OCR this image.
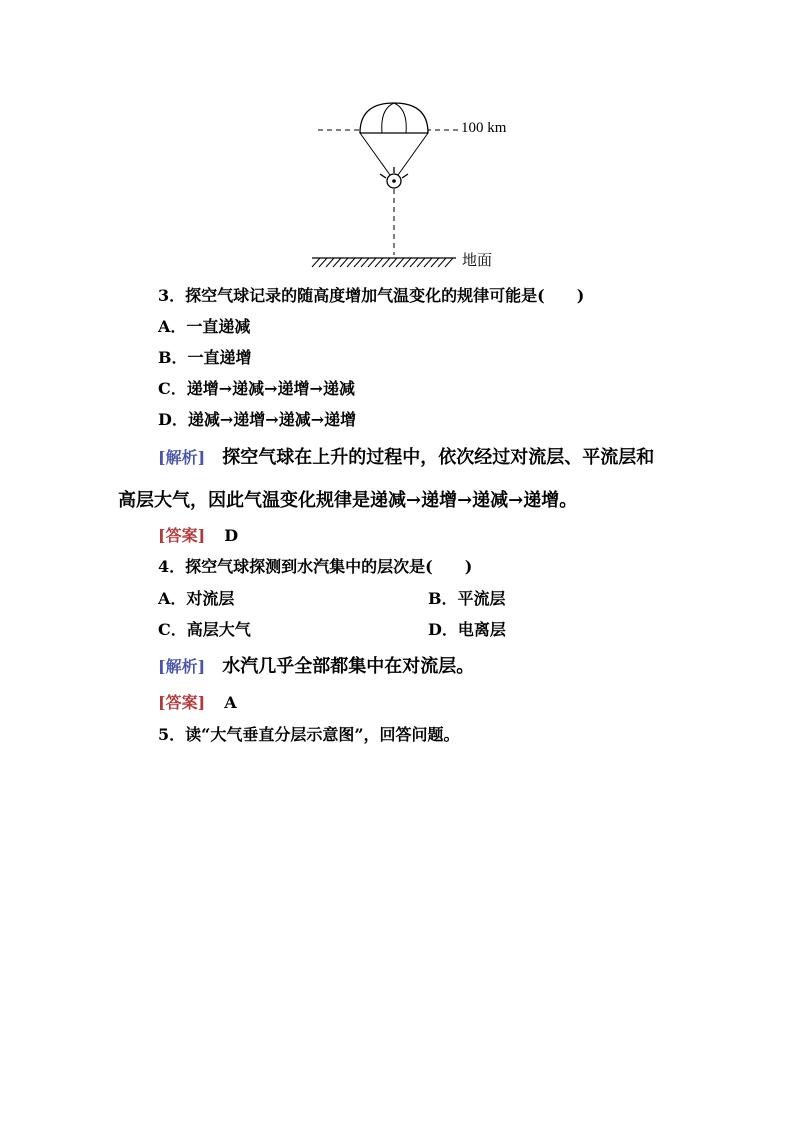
100 km
地面
3．探空气球记录的随高度增加气温变化的规律可能是(　　)
A．一直递减
B．一直递增
C．递增→递减→递增→递减
D．递减→递增→递减→递增
[解析] 探空气球在上升的过程中，依次经过对流层、平流层和
高层大气，因此气温变化规律是递减→递增→递减→递增。
[答案] D
4．探空气球探测到水汽集中的层次是(　　)
A．对流层	B．平流层
C．高层大气	D．电离层
[解析] 水汽几乎全部都集中在对流层。
[答案] A
5．读“大气垂直分层示意图”，回答问题。
